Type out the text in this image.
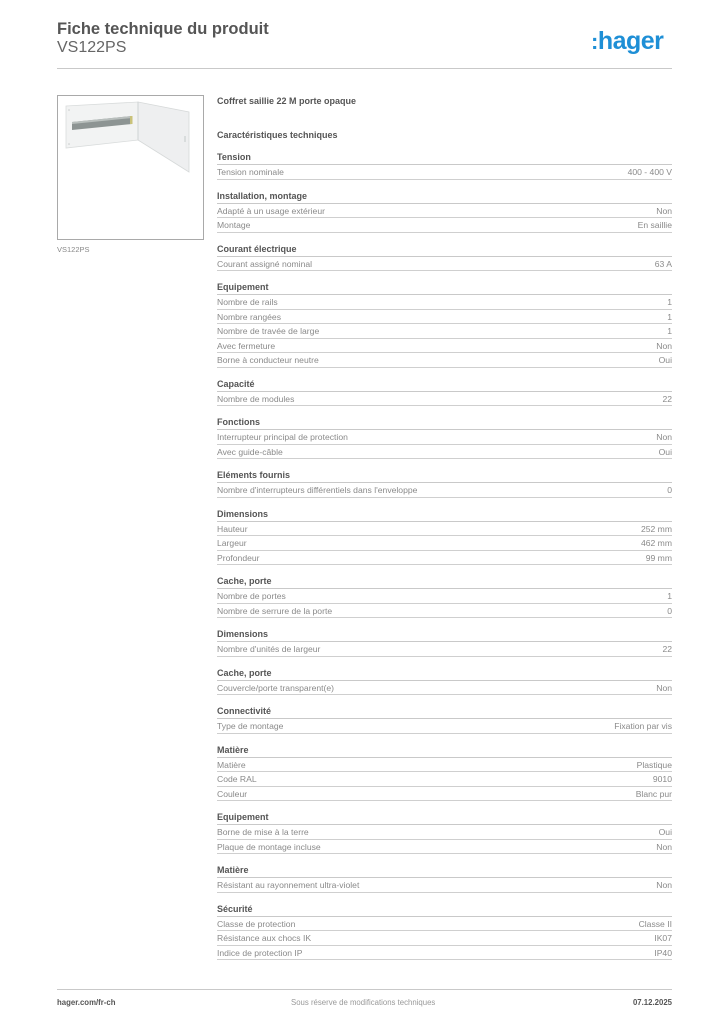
Fiche technique du produit
VS122PS	:hager
VS122PS
Coffret saillie 22 M porte opaque
Caractéristiques techniques
Tension
Tension nominale	400 - 400 V
Installation, montage
Adapté à un usage extérieur	Non
Montage	En saillie
Courant électrique
Courant assigné nominal	63 A
Equipement
Nombre de rails	1
Nombre rangées	1
Nombre de travée de large	1
Avec fermeture	Non
Borne à conducteur neutre	Oui
Capacité
Nombre de modules	22
Fonctions
Interrupteur principal de protection	Non
Avec guide-câble	Oui
Eléments fournis
Nombre d'interrupteurs différentiels dans l'enveloppe	0
Dimensions
Hauteur	252 mm
Largeur	462 mm
Profondeur	99 mm
Cache, porte
Nombre de portes	1
Nombre de serrure de la porte	0
Dimensions
Nombre d'unités de largeur	22
Cache, porte
Couvercle/porte transparent(e)	Non
Connectivité
Type de montage	Fixation par vis
Matière
Matière	Plastique
Code RAL	9010
Couleur	Blanc pur
Equipement
Borne de mise à la terre	Oui
Plaque de montage incluse	Non
Matière
Résistant au rayonnement ultra-violet	Non
Sécurité
Classe de protection	Classe II
Résistance aux chocs IK	IK07
Indice de protection IP	IP40
hager.com/fr-ch	Sous réserve de modifications techniques	07.12.2025
